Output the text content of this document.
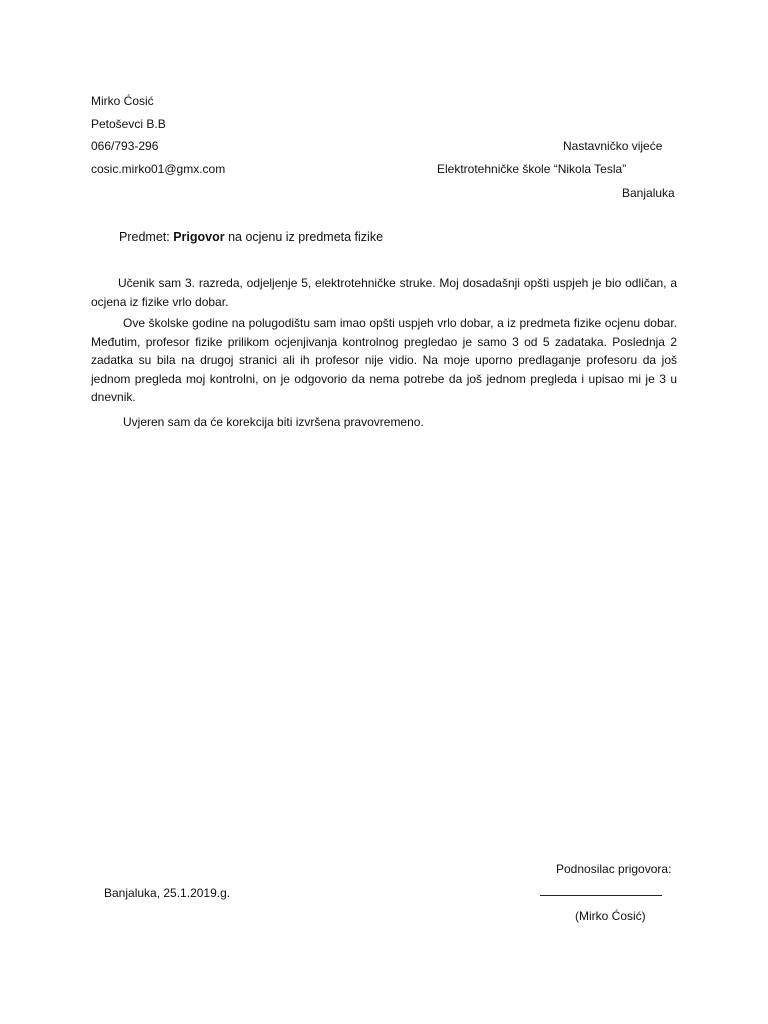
Mirko Ćosić
Petoševci B.B
066/793-296
cosic.mirko01@gmx.com
Nastavničko vijeće
Elektrotehničke škole “Nikola Tesla”
Banjaluka
Predmet: Prigovor na ocjenu iz predmeta fizike
Učenik sam 3. razreda, odjeljenje 5, elektrotehničke struke. Moj dosadašnji opšti uspjeh je bio odličan, a ocjena iz fizike vrlo dobar.
Ove školske godine na polugodištu sam imao opšti uspjeh vrlo dobar, a iz predmeta fizike ocjenu dobar. Međutim, profesor fizike prilikom ocjenjivanja kontrolnog pregledao je samo 3 od 5 zadataka. Poslednja 2 zadatka su bila na drugoj stranici ali ih profesor nije vidio. Na moje uporno predlaganje profesoru da još jednom pregleda moj kontrolni, on je odgovorio da nema potrebe da još jednom pregleda i upisao mi je 3 u dnevnik.
Uvjeren sam da će korekcija biti izvršena pravovremeno.
Podnosilac prigovora:
Banjaluka, 25.1.2019.g.
(Mirko Ćosić)
